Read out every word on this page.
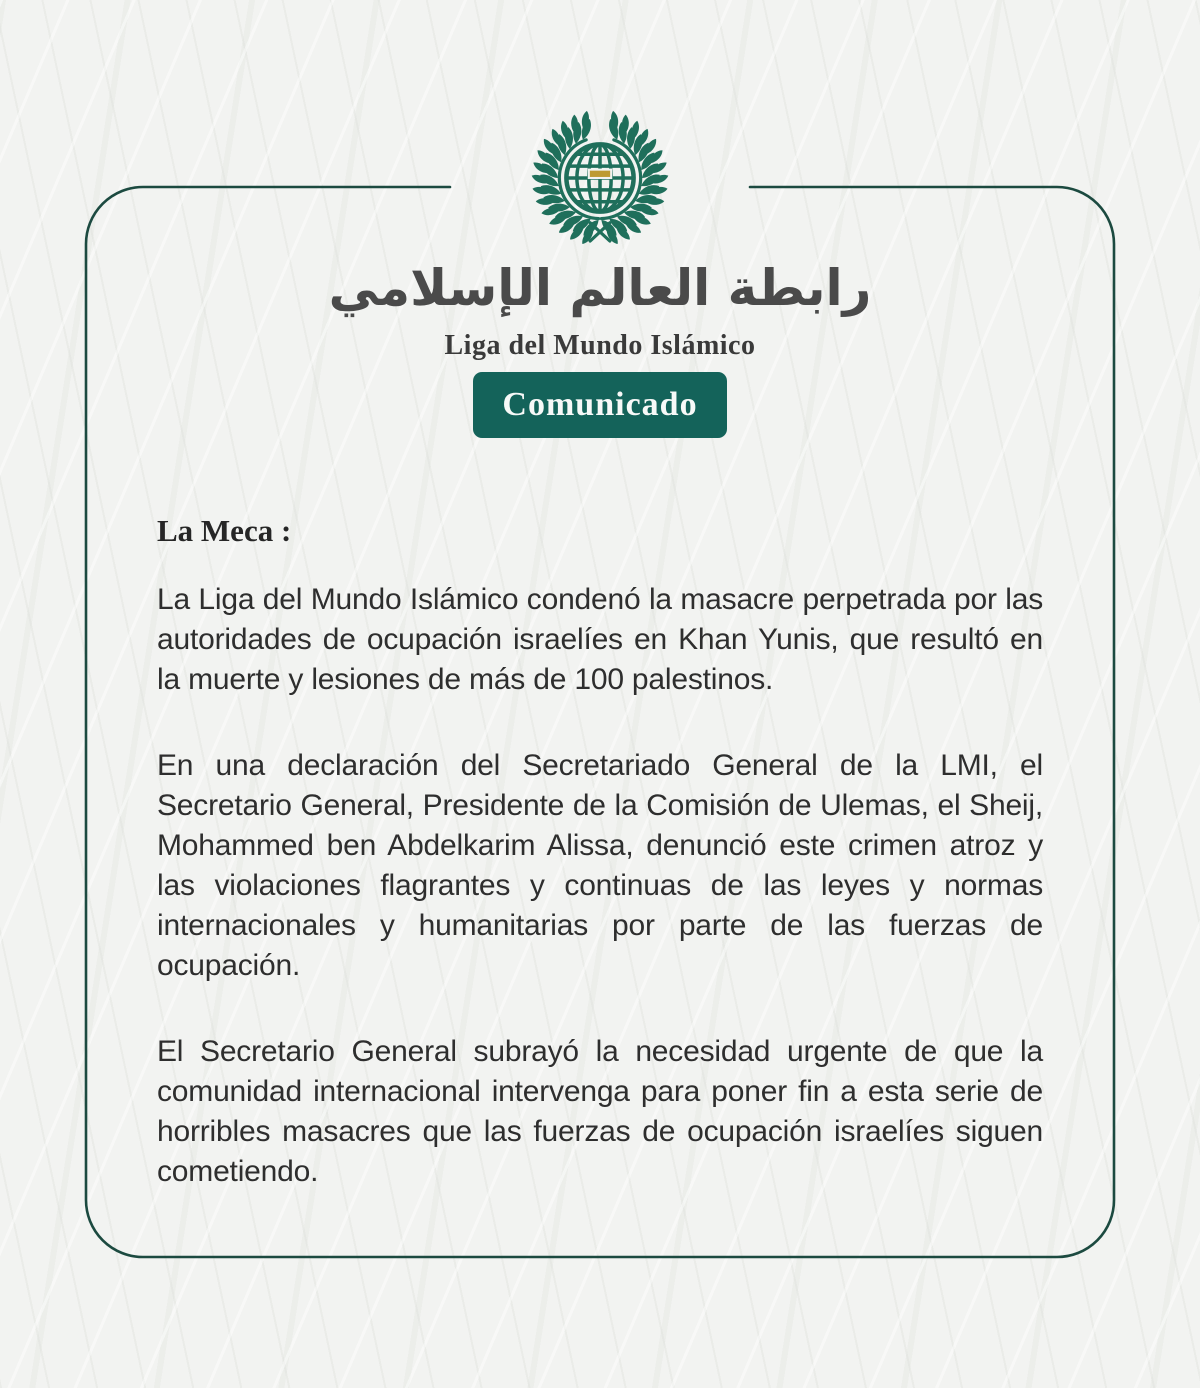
رابطة العالم الإسلامي
Liga del Mundo Islámico
Comunicado
La Meca :

La Liga del Mundo Islámico condenó la masacre perpetrada por las autoridades de ocupación israelíes en Khan Yunis, que resultó en la muerte y lesiones de más de 100 palestinos.

En una declaración del Secretariado General de la LMI, el Secretario General, Presidente de la Comisión de Ulemas, el Sheij, Mohammed ben Abdelkarim Alissa, denunció este crimen atroz y las violaciones flagrantes y continuas de las leyes y normas internacionales y humanitarias por parte de las fuerzas de ocupación.

El Secretario General subrayó la necesidad urgente de que la comunidad internacional intervenga para poner fin a esta serie de horribles masacres que las fuerzas de ocupación israelíes siguen cometiendo.
